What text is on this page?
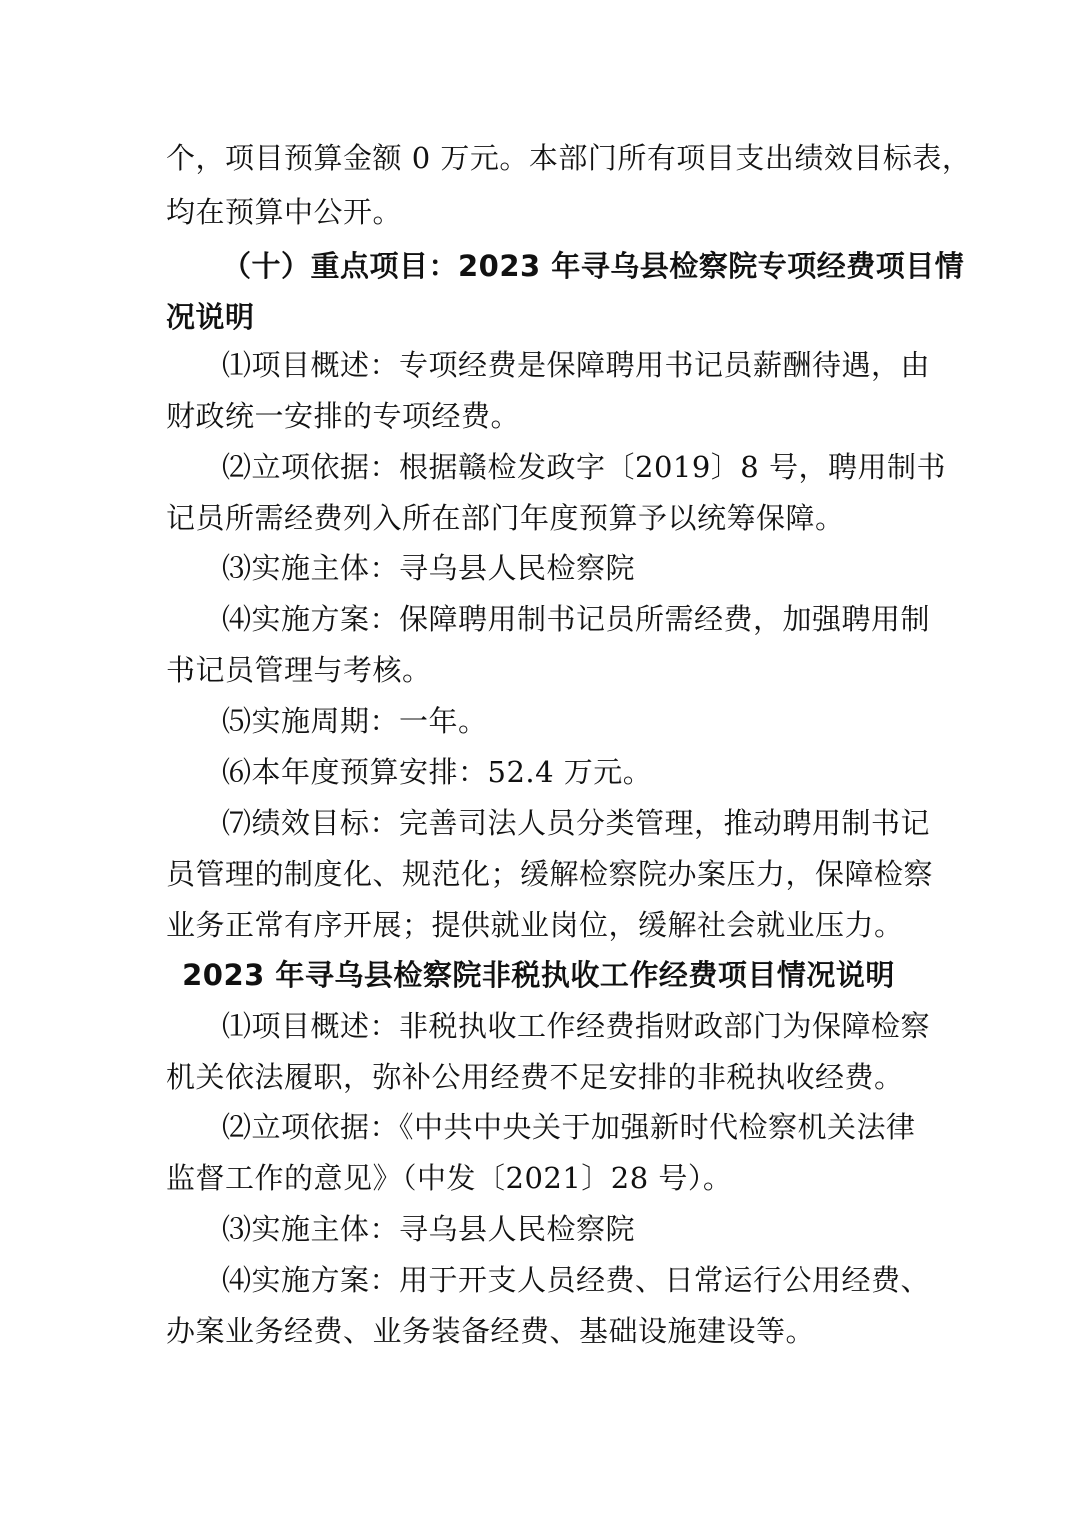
个，项目预算金额 0 万元。本部门所有项目支出绩效目标表，
均在预算中公开。
（十）重点项目：2023 年寻乌县检察院专项经费项目情
况说明
⑴项目概述：专项经费是保障聘用书记员薪酬待遇，由
财政统一安排的专项经费。
⑵立项依据：根据赣检发政字〔2019〕8 号，聘用制书
记员所需经费列入所在部门年度预算予以统筹保障。
⑶实施主体：寻乌县人民检察院
⑷实施方案：保障聘用制书记员所需经费，加强聘用制
书记员管理与考核。
⑸实施周期：一年。
⑹本年度预算安排：52.4 万元。
⑺绩效目标：完善司法人员分类管理，推动聘用制书记
员管理的制度化、规范化；缓解检察院办案压力，保障检察
业务正常有序开展；提供就业岗位，缓解社会就业压力。
2023 年寻乌县检察院非税执收工作经费项目情况说明
⑴项目概述：非税执收工作经费指财政部门为保障检察
机关依法履职，弥补公用经费不足安排的非税执收经费。
⑵立项依据：《中共中央关于加强新时代检察机关法律
监督工作的意见》（中发〔2021〕28 号）。
⑶实施主体：寻乌县人民检察院
⑷实施方案：用于开支人员经费、日常运行公用经费、
办案业务经费、业务装备经费、基础设施建设等。
